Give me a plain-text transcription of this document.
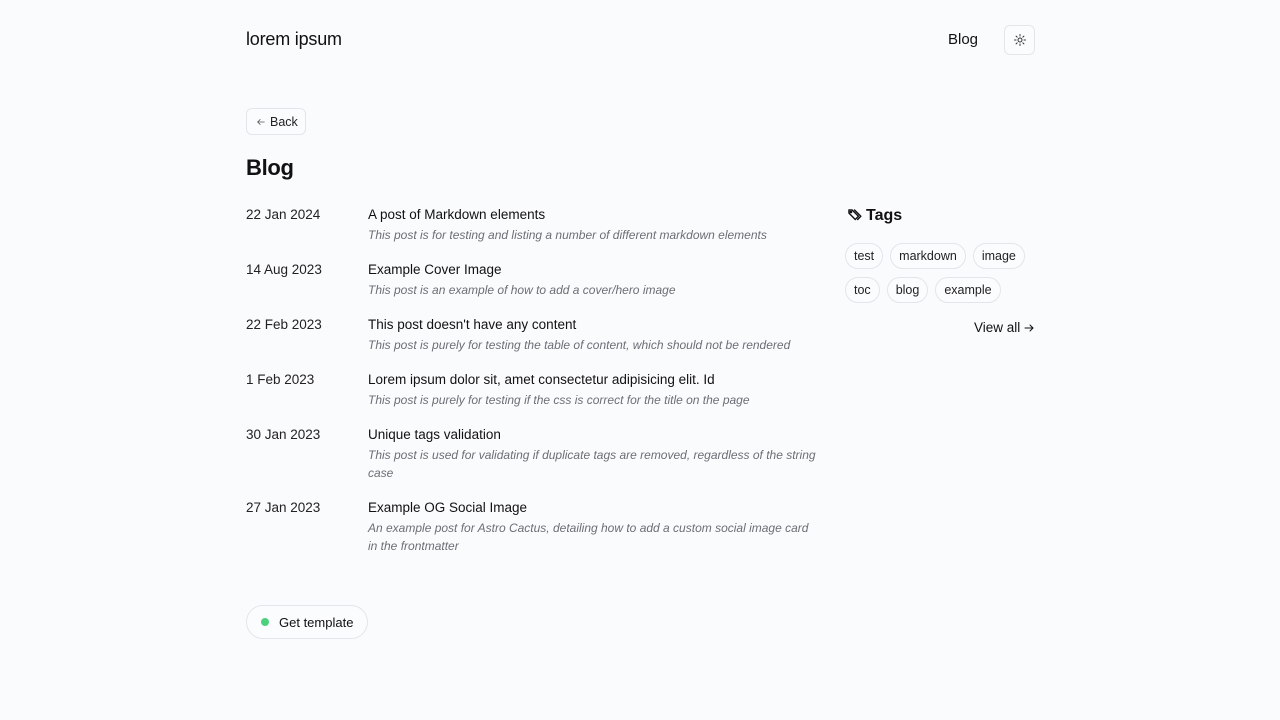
lorem ipsum	Blog
Back
Blog
22 Jan 2024	A post of Markdown elements

This post is for testing and listing a number of different markdown elements

14 Aug 2023	Example Cover Image

This post is an example of how to add a cover/hero image

22 Feb 2023	This post doesn't have any content

This post is purely for testing the table of content, which should not be rendered

1 Feb 2023	Lorem ipsum dolor sit, amet consectetur adipisicing elit. Id

This post is purely for testing if the css is correct for the title on the page

30 Jan 2023	Unique tags validation

This post is used for validating if duplicate tags are removed, regardless of the string case

27 Jan 2023	Example OG Social Image

An example post for Astro Cactus, detailing how to add a custom social image card in the frontmatter

Tags
test	markdown	image
toc	blog	example
View all
Get template
